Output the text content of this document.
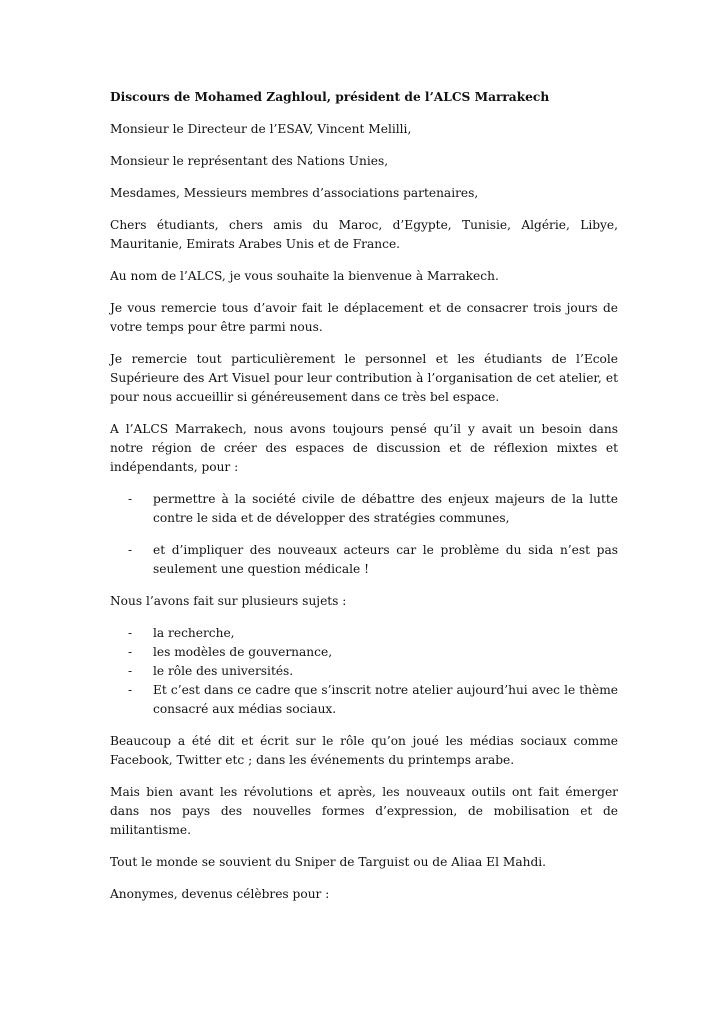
Discours de Mohamed Zaghloul, président de l’ALCS Marrakech

Monsieur le Directeur de l’ESAV, Vincent Melilli,

Monsieur le représentant des Nations Unies,

Mesdames, Messieurs membres d’associations partenaires,

Chers étudiants, chers amis du Maroc, d’Egypte, Tunisie, Algérie, Libye, Mauritanie, Emirats Arabes Unis et de France.

Au nom de l’ALCS, je vous souhaite la bienvenue à Marrakech.

Je vous remercie tous d’avoir fait le déplacement et de consacrer trois jours de votre temps pour être parmi nous.

Je remercie tout particulièrement le personnel et les étudiants de l’Ecole Supérieure des Art Visuel pour leur contribution à l’organisation de cet atelier, et pour nous accueillir si généreusement dans ce très bel espace.

A l’ALCS Marrakech, nous avons toujours pensé qu’il y avait un besoin dans notre région de créer des espaces de discussion et de réflexion mixtes et indépendants, pour :

- permettre à la société civile de débattre des enjeux majeurs de la lutte contre le sida et de développer des stratégies communes,
- et d’impliquer des nouveaux acteurs car le problème du sida n’est pas seulement une question médicale !

Nous l’avons fait sur plusieurs sujets :

- la recherche,
- les modèles de gouvernance,
- le rôle des universités.
- Et c’est dans ce cadre que s’inscrit notre atelier aujourd’hui avec le thème consacré aux médias sociaux.

Beaucoup a été dit et écrit sur le rôle qu’on joué les médias sociaux comme Facebook, Twitter etc ; dans les événements du printemps arabe.

Mais bien avant les révolutions et après, les nouveaux outils ont fait émerger dans nos pays des nouvelles formes d’expression, de mobilisation et de militantisme.

Tout le monde se souvient du Sniper de Targuist ou de Aliaa El Mahdi.

Anonymes, devenus célèbres pour :
